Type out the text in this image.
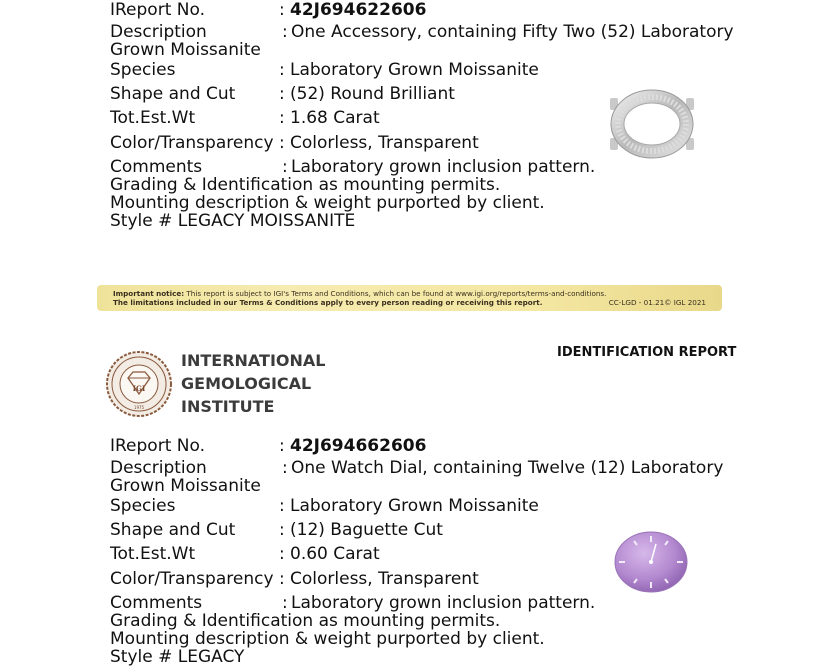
IReport No.	: 42J694622606
Description	: One Accessory, containing Fifty Two (52) Laboratory
Grown Moissanite
Species	: Laboratory Grown Moissanite
Shape and Cut	: (52) Round Brilliant
Tot.Est.Wt	: 1.68 Carat
Color/Transparency : Colorless, Transparent
Comments	: Laboratory grown inclusion pattern.
Grading & Identification as mounting permits. Mounting description & weight purported by client. Style # LEGACY MOISSANITE
Important notice: This report is subject to IGI's Terms and Conditions, which can be found at www.igi.org/reports/terms-and-conditions.
The limitations included in our Terms & Conditions apply to every person reading or receiving this report.	CC-LGD - 01.21© IGL 2021
IGI
1975
INTERNATIONAL
GEMOLOGICAL
INSTITUTE
IDENTIFICATION REPORT
IReport No.	: 42J694662606
Description	: One Watch Dial, containing Twelve (12) Laboratory
Grown Moissanite
Species	: Laboratory Grown Moissanite
Shape and Cut	: (12) Baguette Cut
Tot.Est.Wt	: 0.60 Carat
Color/Transparency : Colorless, Transparent
Comments	: Laboratory grown inclusion pattern.
Grading & Identification as mounting permits. Mounting description & weight purported by client. Style # LEGACY
